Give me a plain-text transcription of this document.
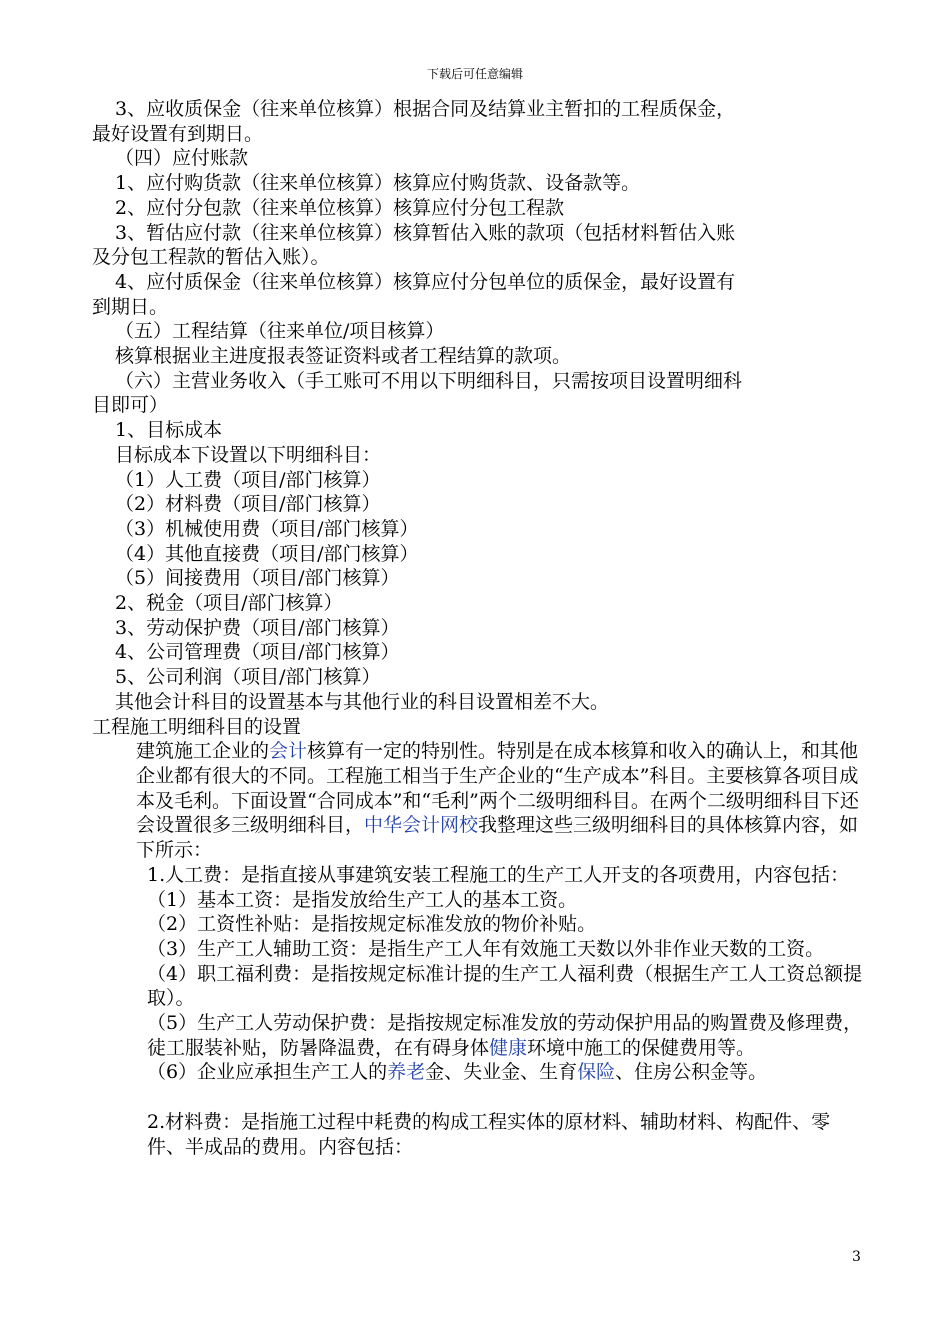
下载后可任意编辑

3、应收质保金（往来单位核算）根据合同及结算业主暂扣的工程质保金，

最好设置有到期日。

（四）应付账款

1、应付购货款（往来单位核算）核算应付购货款、设备款等。

2、应付分包款（往来单位核算）核算应付分包工程款

3、暂估应付款（往来单位核算）核算暂估入账的款项（包括材料暂估入账

及分包工程款的暂估入账）。

4、应付质保金（往来单位核算）核算应付分包单位的质保金，最好设置有

到期日。

（五）工程结算（往来单位/项目核算）

核算根据业主进度报表签证资料或者工程结算的款项。

（六）主营业务收入（手工账可不用以下明细科目，只需按项目设置明细科

目即可）

1、目标成本

目标成本下设置以下明细科目：

（1）人工费（项目/部门核算）

（2）材料费（项目/部门核算）

（3）机械使用费（项目/部门核算）

（4）其他直接费（项目/部门核算）

（5）间接费用（项目/部门核算）

2、税金（项目/部门核算）

3、劳动保护费（项目/部门核算）

4、公司管理费（项目/部门核算）

5、公司利润（项目/部门核算）

其他会计科目的设置基本与其他行业的科目设置相差不大。

工程施工明细科目的设置

建筑施工企业的会计核算有一定的特别性。特别是在成本核算和收入的确认上，和其他企业都有很大的不同。工程施工相当于生产企业的“生产成本”科目。主要核算各项目成本及毛利。下面设置“合同成本”和“毛利”两个二级明细科目。在两个二级明细科目下还会设置很多三级明细科目，中华会计网校我整理这些三级明细科目的具体核算内容，如下所示：

1.人工费：是指直接从事建筑安装工程施工的生产工人开支的各项费用，内容包括：

（1）基本工资：是指发放给生产工人的基本工资。

（2）工资性补贴：是指按规定标准发放的物价补贴。

（3）生产工人辅助工资：是指生产工人年有效施工天数以外非作业天数的工资。

（4）职工福利费：是指按规定标准计提的生产工人福利费（根据生产工人工资总额提取）。

（5）生产工人劳动保护费：是指按规定标准发放的劳动保护用品的购置费及修理费，徒工服装补贴，防暑降温费，在有碍身体健康环境中施工的保健费用等。

（6）企业应承担生产工人的养老金、失业金、生育保险、住房公积金等。

2.材料费：是指施工过程中耗费的构成工程实体的原材料、辅助材料、构配件、零件、半成品的费用。内容包括：

3
